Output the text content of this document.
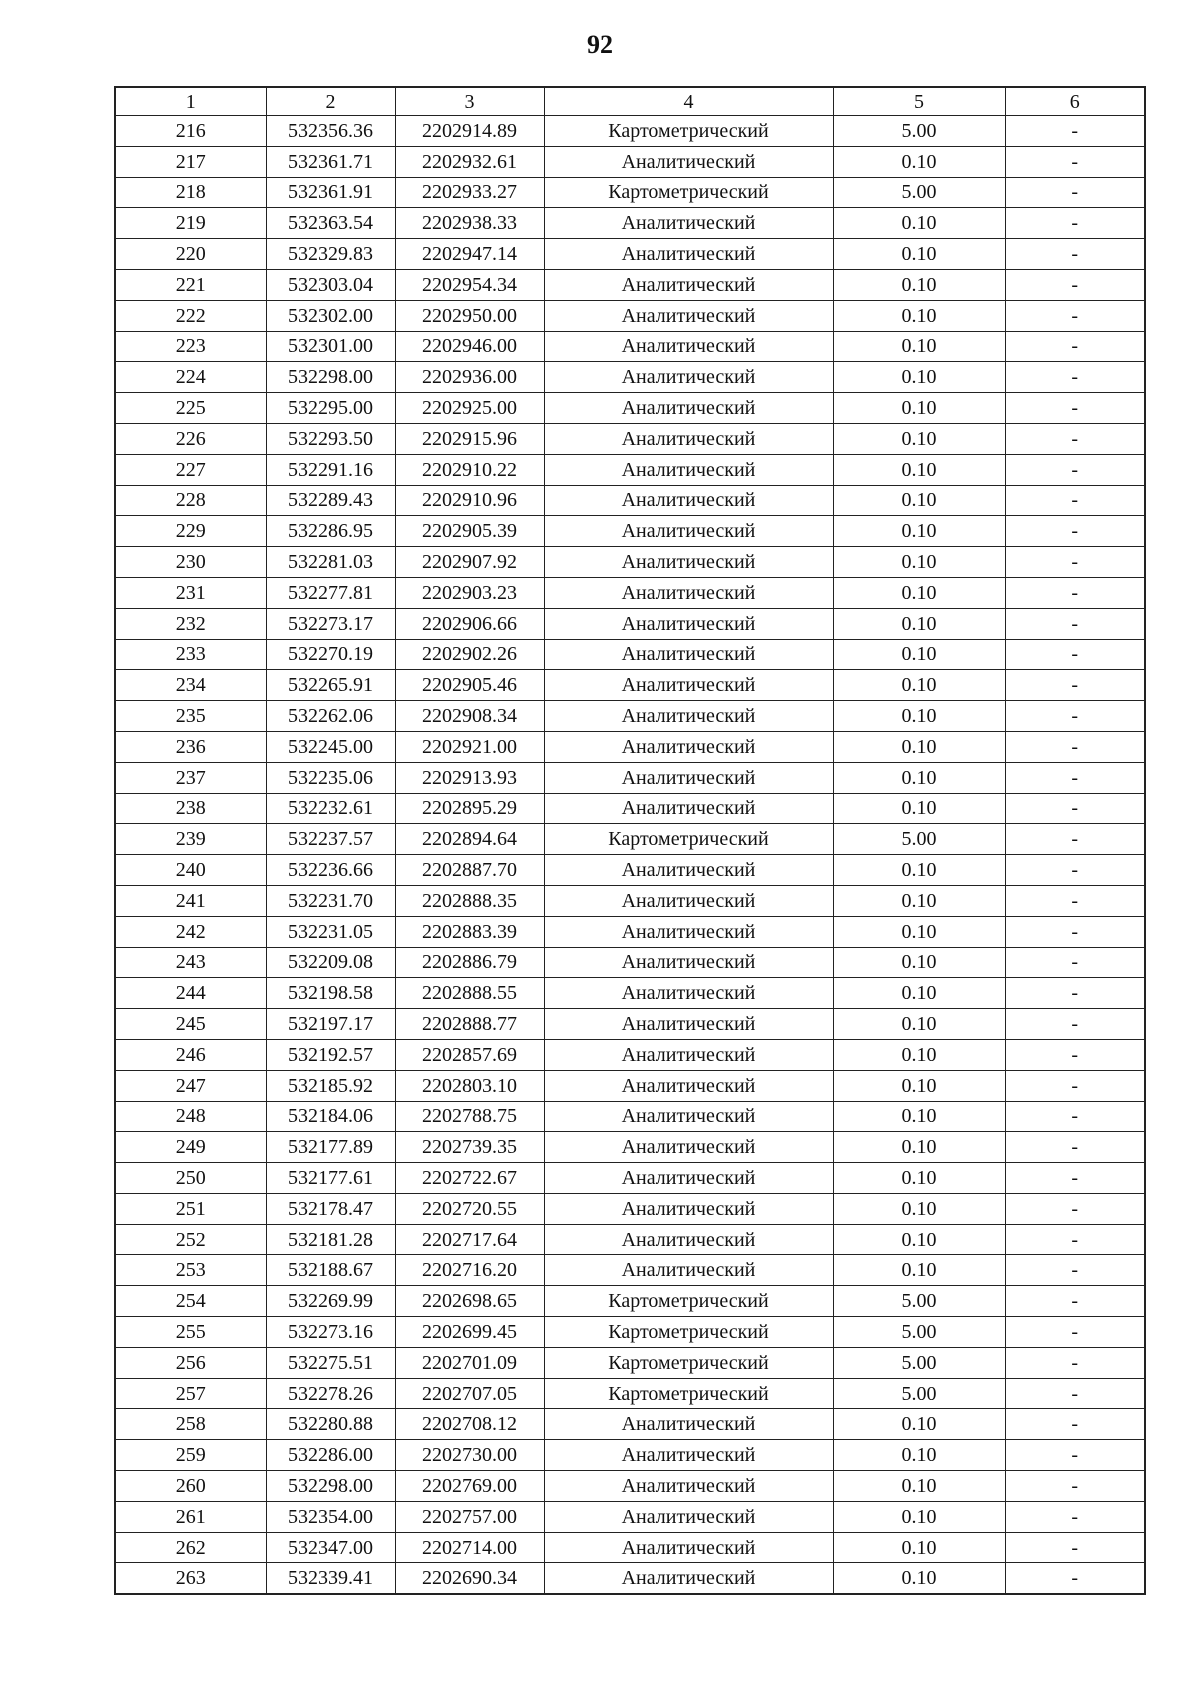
92
1	2	3	4	5	6
216	532356.36	2202914.89	Картометрический	5.00	-
217	532361.71	2202932.61	Аналитический	0.10	-
218	532361.91	2202933.27	Картометрический	5.00	-
219	532363.54	2202938.33	Аналитический	0.10	-
220	532329.83	2202947.14	Аналитический	0.10	-
221	532303.04	2202954.34	Аналитический	0.10	-
222	532302.00	2202950.00	Аналитический	0.10	-
223	532301.00	2202946.00	Аналитический	0.10	-
224	532298.00	2202936.00	Аналитический	0.10	-
225	532295.00	2202925.00	Аналитический	0.10	-
226	532293.50	2202915.96	Аналитический	0.10	-
227	532291.16	2202910.22	Аналитический	0.10	-
228	532289.43	2202910.96	Аналитический	0.10	-
229	532286.95	2202905.39	Аналитический	0.10	-
230	532281.03	2202907.92	Аналитический	0.10	-
231	532277.81	2202903.23	Аналитический	0.10	-
232	532273.17	2202906.66	Аналитический	0.10	-
233	532270.19	2202902.26	Аналитический	0.10	-
234	532265.91	2202905.46	Аналитический	0.10	-
235	532262.06	2202908.34	Аналитический	0.10	-
236	532245.00	2202921.00	Аналитический	0.10	-
237	532235.06	2202913.93	Аналитический	0.10	-
238	532232.61	2202895.29	Аналитический	0.10	-
239	532237.57	2202894.64	Картометрический	5.00	-
240	532236.66	2202887.70	Аналитический	0.10	-
241	532231.70	2202888.35	Аналитический	0.10	-
242	532231.05	2202883.39	Аналитический	0.10	-
243	532209.08	2202886.79	Аналитический	0.10	-
244	532198.58	2202888.55	Аналитический	0.10	-
245	532197.17	2202888.77	Аналитический	0.10	-
246	532192.57	2202857.69	Аналитический	0.10	-
247	532185.92	2202803.10	Аналитический	0.10	-
248	532184.06	2202788.75	Аналитический	0.10	-
249	532177.89	2202739.35	Аналитический	0.10	-
250	532177.61	2202722.67	Аналитический	0.10	-
251	532178.47	2202720.55	Аналитический	0.10	-
252	532181.28	2202717.64	Аналитический	0.10	-
253	532188.67	2202716.20	Аналитический	0.10	-
254	532269.99	2202698.65	Картометрический	5.00	-
255	532273.16	2202699.45	Картометрический	5.00	-
256	532275.51	2202701.09	Картометрический	5.00	-
257	532278.26	2202707.05	Картометрический	5.00	-
258	532280.88	2202708.12	Аналитический	0.10	-
259	532286.00	2202730.00	Аналитический	0.10	-
260	532298.00	2202769.00	Аналитический	0.10	-
261	532354.00	2202757.00	Аналитический	0.10	-
262	532347.00	2202714.00	Аналитический	0.10	-
263	532339.41	2202690.34	Аналитический	0.10	-
